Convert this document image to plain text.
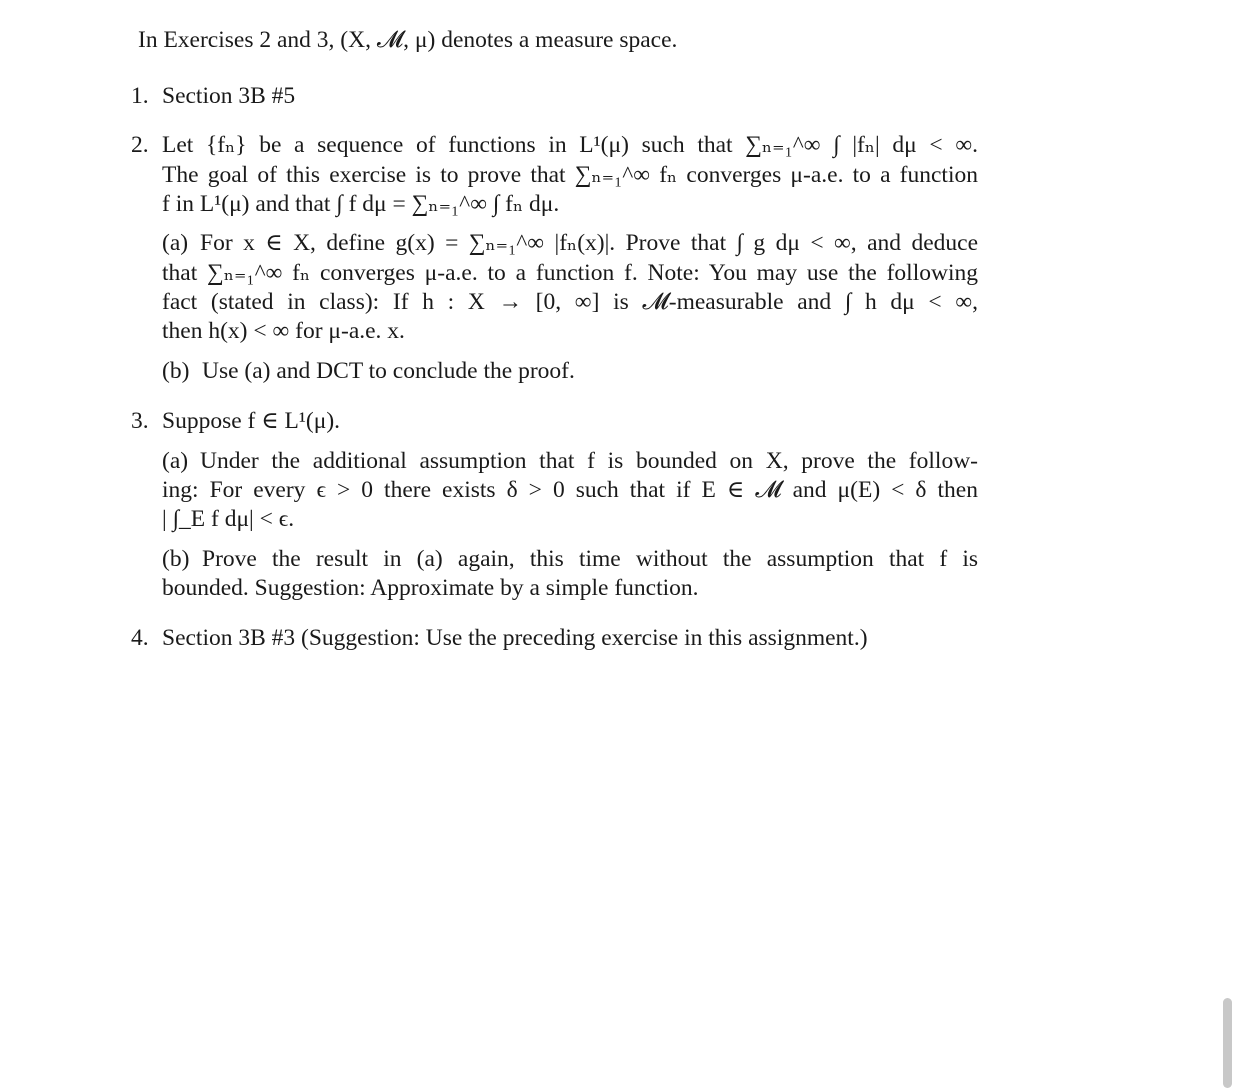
In Exercises 2 and 3, (X, 𝓜, μ) denotes a measure space.
1. Section 3B #5
2. Let {fₙ} be a sequence of functions in L¹(μ) such that ∑ₙ₌₁^∞ ∫ |fₙ| dμ < ∞.
The goal of this exercise is to prove that ∑ₙ₌₁^∞ fₙ converges μ-a.e. to a function
f in L¹(μ) and that ∫ f dμ = ∑ₙ₌₁^∞ ∫ fₙ dμ.
(a) For x ∈ X, define g(x) = ∑ₙ₌₁^∞ |fₙ(x)|. Prove that ∫ g dμ < ∞, and deduce
that ∑ₙ₌₁^∞ fₙ converges μ-a.e. to a function f. Note: You may use the following
fact (stated in class): If h : X → [0, ∞] is 𝓜-measurable and ∫ h dμ < ∞,
then h(x) < ∞ for μ-a.e. x.
(b) Use (a) and DCT to conclude the proof.
3. Suppose f ∈ L¹(μ).
(a) Under the additional assumption that f is bounded on X, prove the follow-
ing: For every ϵ > 0 there exists δ > 0 such that if E ∈ 𝓜 and μ(E) < δ then
| ∫_E f dμ| < ϵ.
(b) Prove the result in (a) again, this time without the assumption that f is
bounded. Suggestion: Approximate by a simple function.
4. Section 3B #3 (Suggestion: Use the preceding exercise in this assignment.)
